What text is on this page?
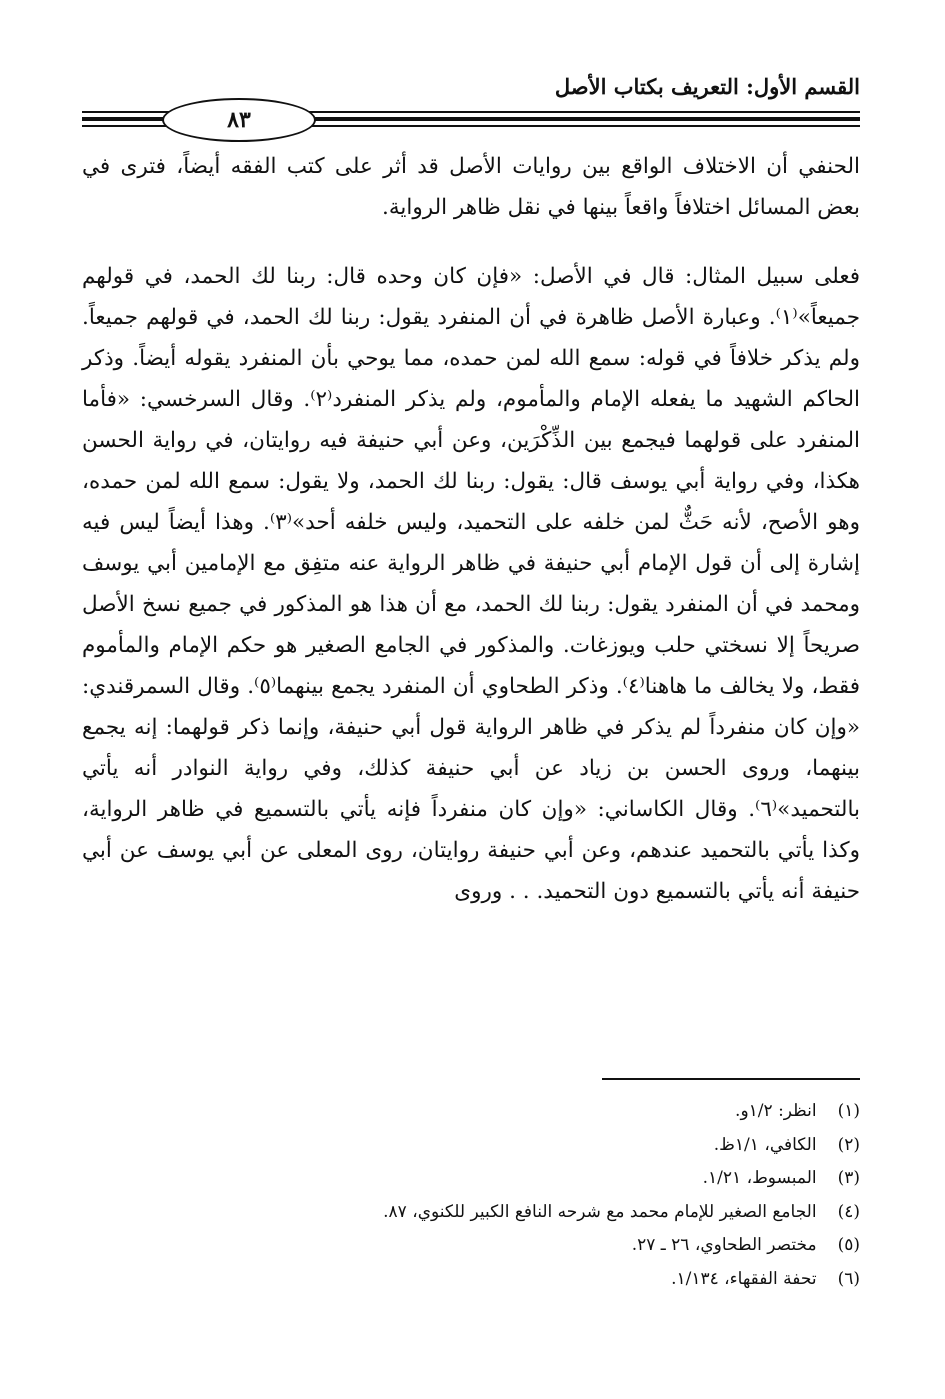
القسم الأول: التعريف بكتاب الأصل
٨٣

الحنفي أن الاختلاف الواقع بين روايات الأصل قد أثر على كتب الفقه أيضاً، فترى في بعض المسائل اختلافاً واقعاً بينها في نقل ظاهر الرواية.

فعلى سبيل المثال: قال في الأصل: «فإن كان وحده قال: ربنا لك الحمد، في قولهم جميعاً»⁽١⁾. وعبارة الأصل ظاهرة في أن المنفرد يقول: ربنا لك الحمد، في قولهم جميعاً. ولم يذكر خلافاً في قوله: سمع الله لمن حمده، مما يوحي بأن المنفرد يقوله أيضاً. وذكر الحاكم الشهيد ما يفعله الإمام والمأموم، ولم يذكر المنفرد⁽٢⁾. وقال السرخسي: «فأما المنفرد على قولهما فيجمع بين الذِّكْرَين، وعن أبي حنيفة فيه روايتان، في رواية الحسن هكذا، وفي رواية أبي يوسف قال: يقول: ربنا لك الحمد، ولا يقول: سمع الله لمن حمده، وهو الأصح، لأنه حَثٌّ لمن خلفه على التحميد، وليس خلفه أحد»⁽٣⁾. وهذا أيضاً ليس فيه إشارة إلى أن قول الإمام أبي حنيفة في ظاهر الرواية عنه متفِق مع الإمامين أبي يوسف ومحمد في أن المنفرد يقول: ربنا لك الحمد، مع أن هذا هو المذكور في جميع نسخ الأصل صريحاً إلا نسختي حلب ويوزغات. والمذكور في الجامع الصغير هو حكم الإمام والمأموم فقط، ولا يخالف ما هاهنا⁽٤⁾. وذكر الطحاوي أن المنفرد يجمع بينهما⁽٥⁾. وقال السمرقندي: «وإن كان منفرداً لم يذكر في ظاهر الرواية قول أبي حنيفة، وإنما ذكر قولهما: إنه يجمع بينهما، وروى الحسن بن زياد عن أبي حنيفة كذلك، وفي رواية النوادر أنه يأتي بالتحميد»⁽٦⁾. وقال الكاساني: «وإن كان منفرداً فإنه يأتي بالتسميع في ظاهر الرواية، وكذا يأتي بالتحميد عندهم، وعن أبي حنيفة روايتان، روى المعلى عن أبي يوسف عن أبي حنيفة أنه يأتي بالتسميع دون التحميد. . . وروى

(١) انظر: ١/٢و.
(٢) الكافي، ١/١ظ.
(٣) المبسوط، ١/٢١.
(٤) الجامع الصغير للإمام محمد مع شرحه النافع الكبير للكنوي، ٨٧.
(٥) مختصر الطحاوي، ٢٦ ـ ٢٧.
(٦) تحفة الفقهاء، ١/١٣٤.
